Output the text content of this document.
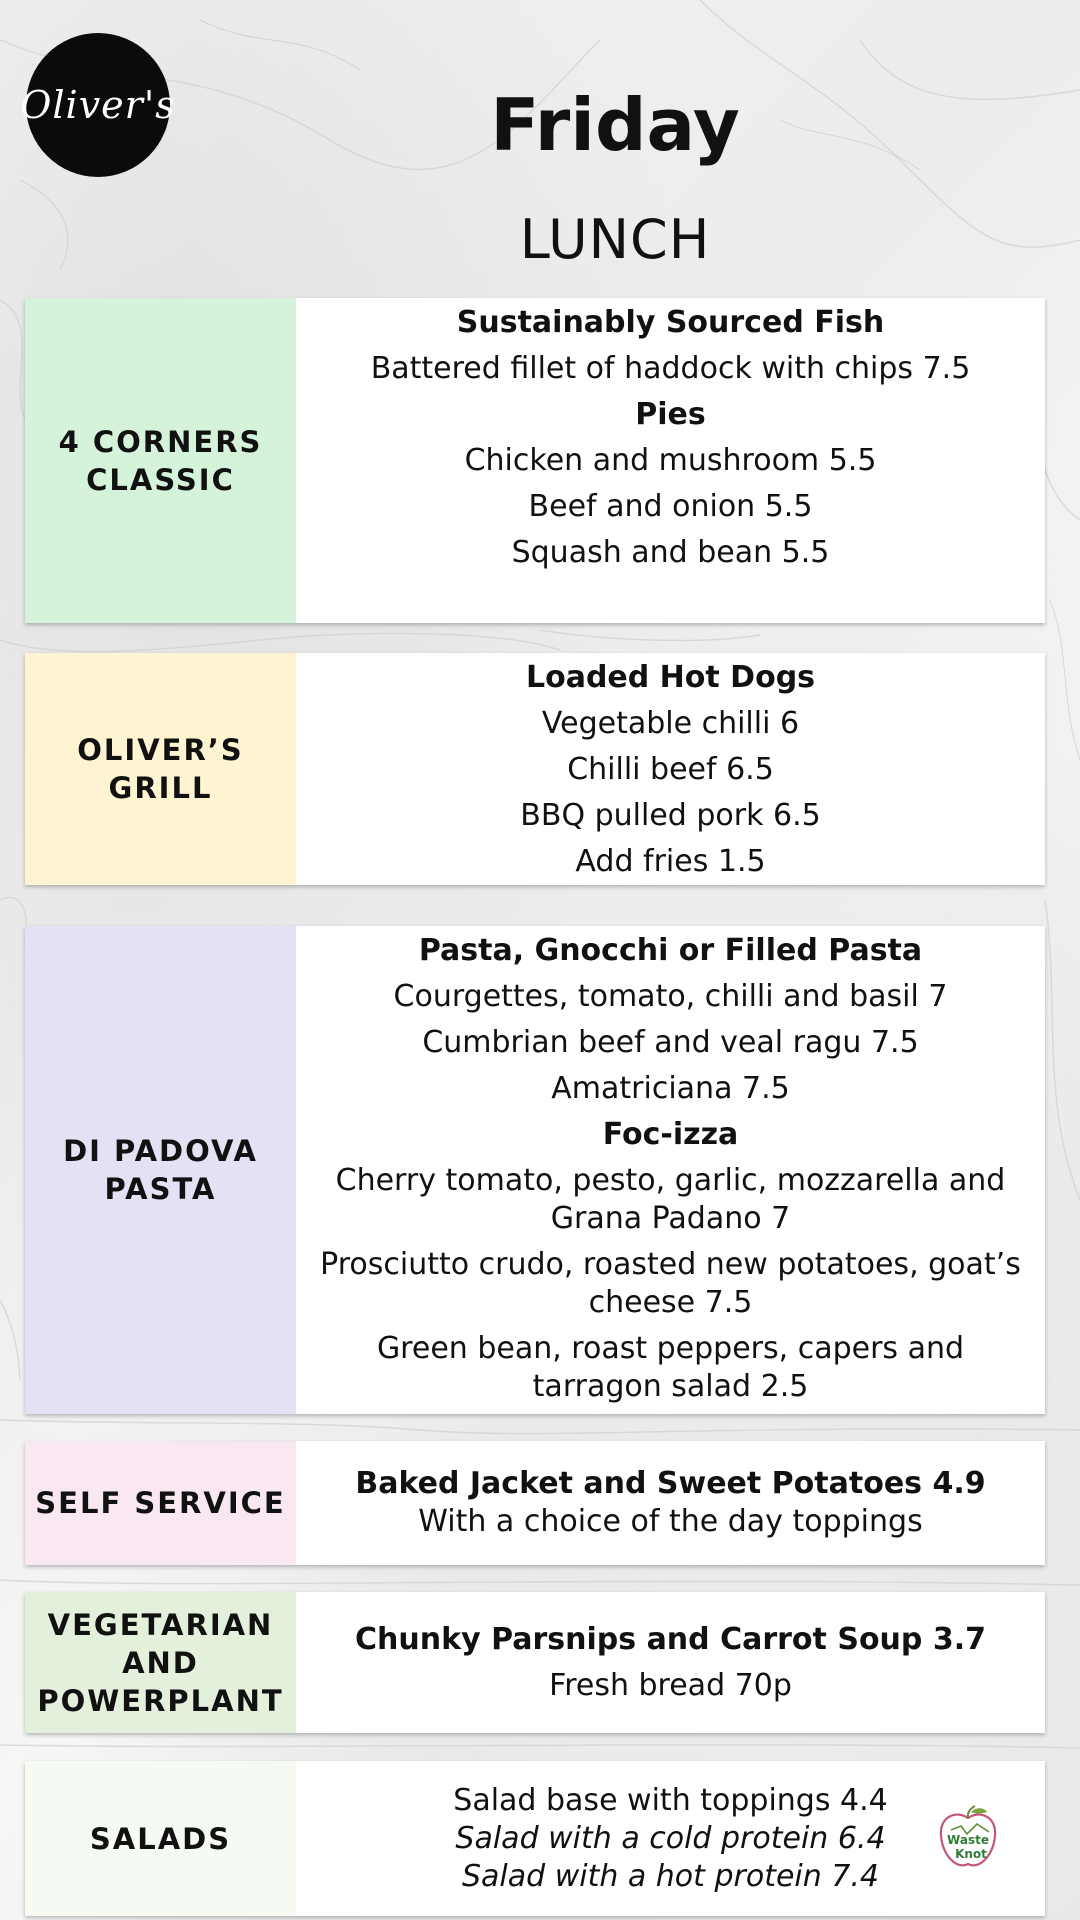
Oliver's	Friday
LUNCH
4 CORNERS CLASSIC
Sustainably Sourced Fish
Battered fillet of haddock with chips 7.5
Pies
Chicken and mushroom 5.5
Beef and onion 5.5
Squash and bean 5.5
OLIVER’S GRILL
Loaded Hot Dogs
Vegetable chilli 6
Chilli beef 6.5
BBQ pulled pork 6.5
Add fries 1.5
DI PADOVA PASTA
Pasta, Gnocchi or Filled Pasta
Courgettes, tomato, chilli and basil 7
Cumbrian beef and veal ragu 7.5
Amatriciana 7.5
Foc-izza
Cherry tomato, pesto, garlic, mozzarella and Grana Padano 7
Prosciutto crudo, roasted new potatoes, goat’s cheese 7.5
Green bean, roast peppers, capers and tarragon salad 2.5
SELF SERVICE
Baked Jacket and Sweet Potatoes 4.9
With a choice of the day toppings
VEGETARIAN AND POWERPLANT
Chunky Parsnips and Carrot Soup 3.7
Fresh bread 70p
SALADS
Salad base with toppings 4.4
Salad with a cold protein 6.4
Salad with a hot protein 7.4
Waste
Knot
